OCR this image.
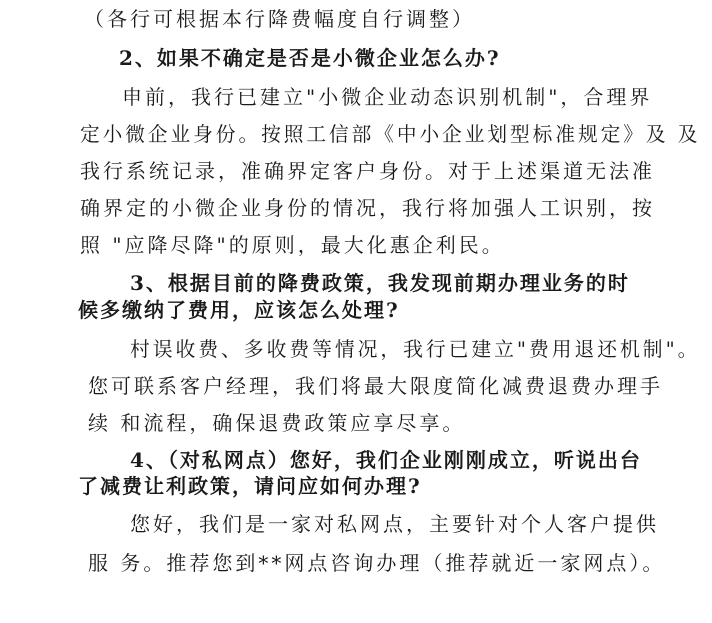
（各行可根据本行降费幅度自行调整）
2、如果不确定是否是小微企业怎么办?
申前，我行已建立"小微企业动态识别机制"，合理界
定小微企业身份。按照工信部《中小企业划型标准规定》及 及
我行系统记录，准确界定客户身份。对于上述渠道无法准
确界定的小微企业身份的情况，我行将加强人工识别，按
照 "应降尽降"的原则，最大化惠企利民。
3、根据目前的降费政策，我发现前期办理业务的时
候多缴纳了费用，应该怎么处理?
村误收费、多收费等情况，我行已建立"费用退还机制"。
您可联系客户经理，我们将最大限度简化减费退费办理手
续 和流程，确保退费政策应享尽享。
4、（对私网点）您好，我们企业刚刚成立，听说出台
了减费让利政策，请问应如何办理?
您好，我们是一家对私网点，主要针对个人客户提供
服 务。推荐您到**网点咨询办理（推荐就近一家网点）。
